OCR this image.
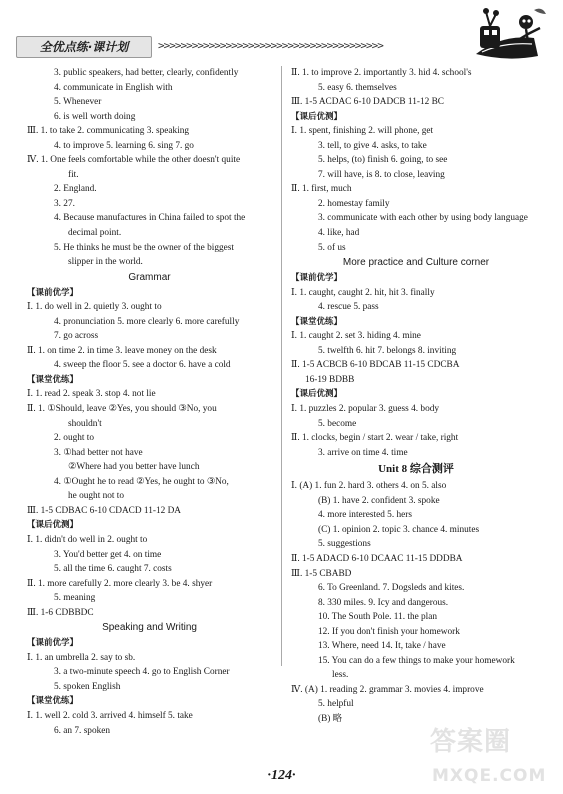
全优点练·课计划	>>>>>>>>>>>>>>>>>>>>>>>>>>>>>>>>>>>>>>>>
3. public speakers, had better, clearly, confidently
4. communicate in English with
5. Whenever
6. is well worth doing
Ⅲ. 1. to take 2. communicating 3. speaking
4. to improve 5. learning 6. sing 7. go
Ⅳ. 1. One feels comfortable while the other doesn't quite
fit.
2. England.
3. 27.
4. Because manufactures in China failed to spot the
decimal point.
5. He thinks he must be the owner of the biggest
slipper in the world.
Grammar
【课前优学】
Ⅰ. 1. do well in 2. quietly 3. ought to
4. pronunciation 5. more clearly 6. more carefully
7. go across
Ⅱ. 1. on time 2. in time 3. leave money on the desk
4. sweep the floor 5. see a doctor 6. have a cold
【课堂优练】
Ⅰ. 1. read 2. speak 3. stop 4. not lie
Ⅱ. 1. ①Should, leave ②Yes, you should ③No, you
shouldn't
2. ought to
3. ①had better not have
②Where had you better have lunch
4. ①Ought he to read ②Yes, he ought to ③No,
he ought not to
Ⅲ. 1-5 CDBAC 6-10 CDACD 11-12 DA
【课后优测】
Ⅰ. 1. didn't do well in 2. ought to
3. You'd better get 4. on time
5. all the time 6. caught 7. costs
Ⅱ. 1. more carefully 2. more clearly 3. be 4. shyer
5. meaning
Ⅲ. 1-6 CDBBDC
Speaking and Writing
【课前优学】
Ⅰ. 1. an umbrella 2. say to sb.
3. a two-minute speech 4. go to English Corner
5. spoken English
【课堂优练】
Ⅰ. 1. well 2. cold 3. arrived 4. himself 5. take
6. an 7. spoken
Ⅱ. 1. to improve 2. importantly 3. hid 4. school's
5. easy 6. themselves
Ⅲ. 1-5 ACDAC 6-10 DADCB 11-12 BC
【课后优测】
Ⅰ. 1. spent, finishing 2. will phone, get
3. tell, to give 4. asks, to take
5. helps, (to) finish 6. going, to see
7. will have, is 8. to close, leaving
Ⅱ. 1. first, much
2. homestay family
3. communicate with each other by using body language
4. like, had
5. of us
More practice and Culture corner
【课前优学】
Ⅰ. 1. caught, caught 2. hit, hit 3. finally
4. rescue 5. pass
【课堂优练】
Ⅰ. 1. caught 2. set 3. hiding 4. mine
5. twelfth 6. hit 7. belongs 8. inviting
Ⅱ. 1-5 ACBCB 6-10 BDCAB 11-15 CDCBA
16-19 BDBB
【课后优测】
Ⅰ. 1. puzzles 2. popular 3. guess 4. body
5. become
Ⅱ. 1. clocks, begin / start 2. wear / take, right
3. arrive on time 4. time
Unit 8 综合测评
Ⅰ. (A) 1. fun 2. hard 3. others 4. on 5. also
(B) 1. have 2. confident 3. spoke
4. more interested 5. hers
(C) 1. opinion 2. topic 3. chance 4. minutes
5. suggestions
Ⅱ. 1-5 ADACD 6-10 DCAAC 11-15 DDDBA
Ⅲ. 1-5 CBABD
6. To Greenland. 7. Dogsleds and kites.
8. 330 miles. 9. Icy and dangerous.
10. The South Pole. 11. the plan
12. If you don't finish your homework
13. Where, need 14. It, take / have
15. You can do a few things to make your homework
less.
Ⅳ. (A) 1. reading 2. grammar 3. movies 4. improve
5. helpful
(B) 略
·124·
答案圈
MXQE.COM
